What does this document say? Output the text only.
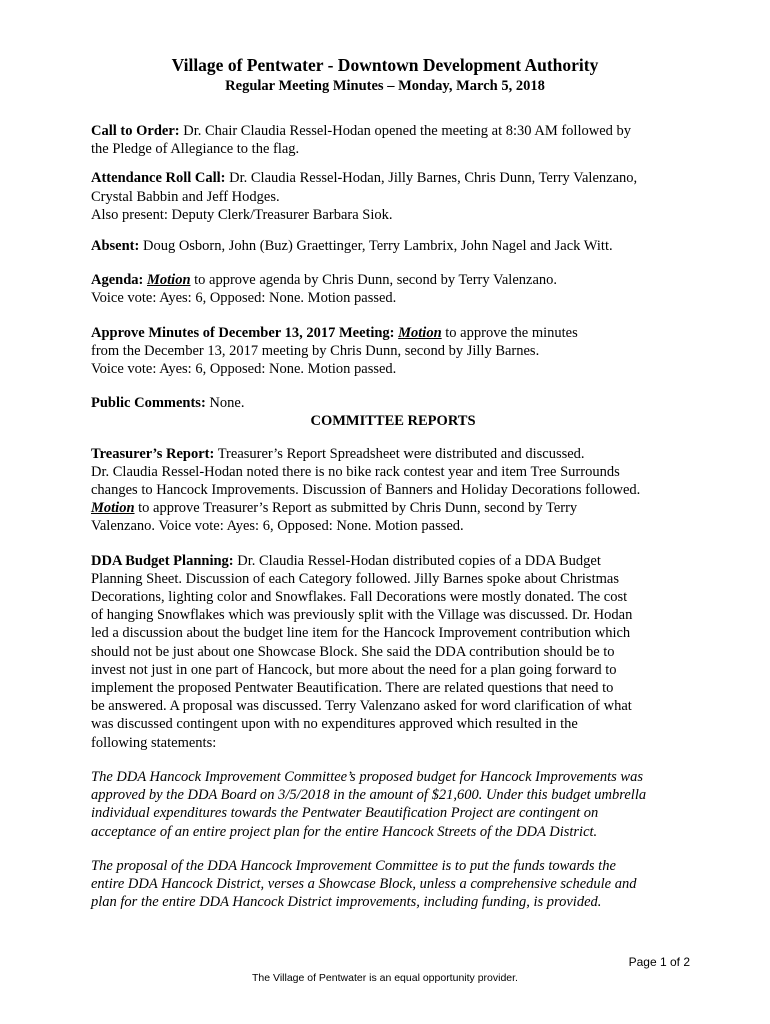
Village of Pentwater - Downtown Development Authority
Regular Meeting Minutes – Monday, March 5, 2018
Call to Order: Dr. Chair Claudia Ressel-Hodan opened the meeting at 8:30 AM followed by
the Pledge of Allegiance to the flag.
Attendance Roll Call: Dr. Claudia Ressel-Hodan, Jilly Barnes, Chris Dunn, Terry Valenzano,
Crystal Babbin and Jeff Hodges.
Also present: Deputy Clerk/Treasurer Barbara Siok.
Absent: Doug Osborn, John (Buz) Graettinger, Terry Lambrix, John Nagel and Jack Witt.
Agenda: Motion to approve agenda by Chris Dunn, second by Terry Valenzano.
Voice vote: Ayes: 6, Opposed: None. Motion passed.
Approve Minutes of December 13, 2017 Meeting: Motion to approve the minutes
from the December 13, 2017 meeting by Chris Dunn, second by Jilly Barnes.
Voice vote: Ayes: 6, Opposed: None. Motion passed.
Public Comments: None.
COMMITTEE REPORTS
Treasurer’s Report: Treasurer’s Report Spreadsheet were distributed and discussed.
Dr. Claudia Ressel-Hodan noted there is no bike rack contest year and item Tree Surrounds
changes to Hancock Improvements. Discussion of Banners and Holiday Decorations followed.
Motion to approve Treasurer’s Report as submitted by Chris Dunn, second by Terry
Valenzano. Voice vote: Ayes: 6, Opposed: None. Motion passed.
DDA Budget Planning: Dr. Claudia Ressel-Hodan distributed copies of a DDA Budget
Planning Sheet. Discussion of each Category followed. Jilly Barnes spoke about Christmas
Decorations, lighting color and Snowflakes. Fall Decorations were mostly donated. The cost
of hanging Snowflakes which was previously split with the Village was discussed. Dr. Hodan
led a discussion about the budget line item for the Hancock Improvement contribution which
should not be just about one Showcase Block. She said the DDA contribution should be to
invest not just in one part of Hancock, but more about the need for a plan going forward to
implement the proposed Pentwater Beautification. There are related questions that need to
be answered. A proposal was discussed. Terry Valenzano asked for word clarification of what
was discussed contingent upon with no expenditures approved which resulted in the
following statements:
The DDA Hancock Improvement Committee’s proposed budget for Hancock Improvements was
approved by the DDA Board on 3/5/2018 in the amount of $21,600. Under this budget umbrella
individual expenditures towards the Pentwater Beautification Project are contingent on
acceptance of an entire project plan for the entire Hancock Streets of the DDA District.
The proposal of the DDA Hancock Improvement Committee is to put the funds towards the
entire DDA Hancock District, verses a Showcase Block, unless a comprehensive schedule and
plan for the entire DDA Hancock District improvements, including funding, is provided.
Page 1 of 2
The Village of Pentwater is an equal opportunity provider.
